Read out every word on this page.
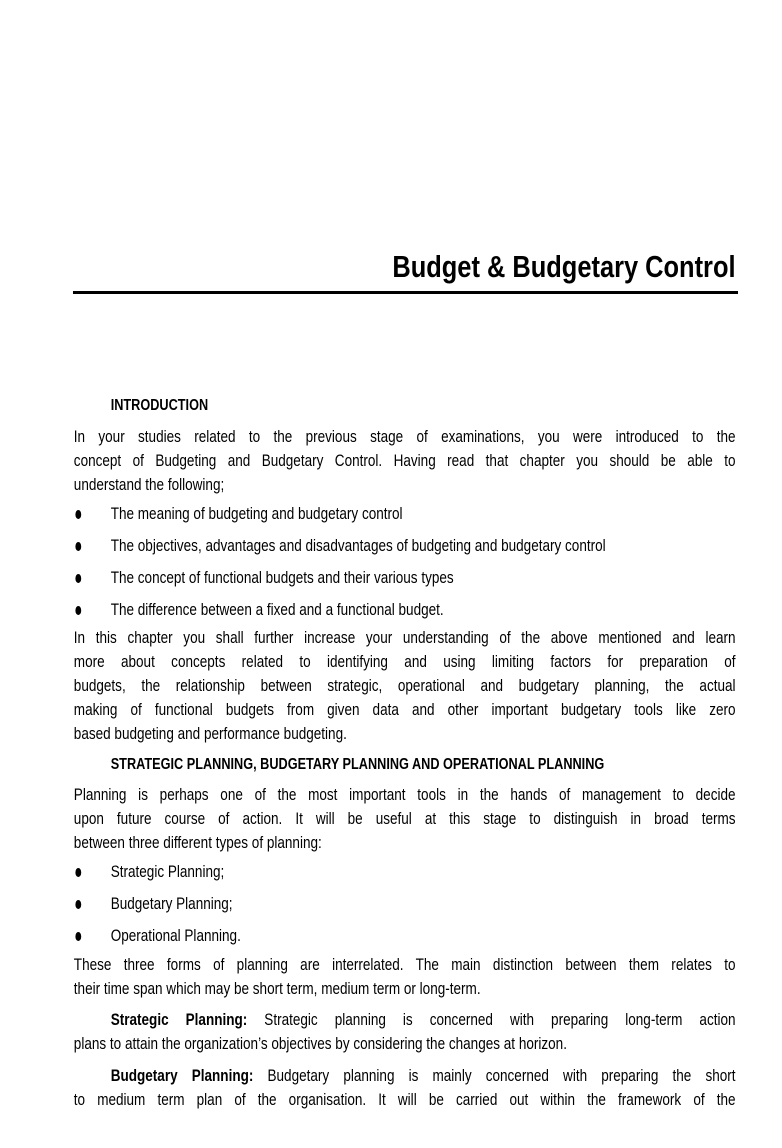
Budget & Budgetary Control
INTRODUCTION
STRATEGIC PLANNING, BUDGETARY PLANNING AND OPERATIONAL PLANNING
Strategic Planning: Strategic planning is concerned with preparing long-term action
plans to attain the organization’s objectives by considering the changes at horizon.
Budgetary Planning: Budgetary planning is mainly concerned with preparing the short
to medium term plan of the organisation. It will be carried out within the framework of the
In your studies related to the previous stage of examinations, you were introduced to the
concept of Budgeting and Budgetary Control. Having read that chapter you should be able to
understand the following;
The meaning of budgeting and budgetary control
The objectives, advantages and disadvantages of budgeting and budgetary control
The concept of functional budgets and their various types
The difference between a fixed and a functional budget.
In this chapter you shall further increase your understanding of the above mentioned and learn
more about concepts related to identifying and using limiting factors for preparation of
budgets, the relationship between strategic, operational and budgetary planning, the actual
making of functional budgets from given data and other important budgetary tools like zero
based budgeting and performance budgeting.
Planning is perhaps one of the most important tools in the hands of management to decide
upon future course of action. It will be useful at this stage to distinguish in broad terms
between three different types of planning:
Strategic Planning;
Budgetary Planning;
Operational Planning.
These three forms of planning are interrelated. The main distinction between them relates to
their time span which may be short term, medium term or long-term.
